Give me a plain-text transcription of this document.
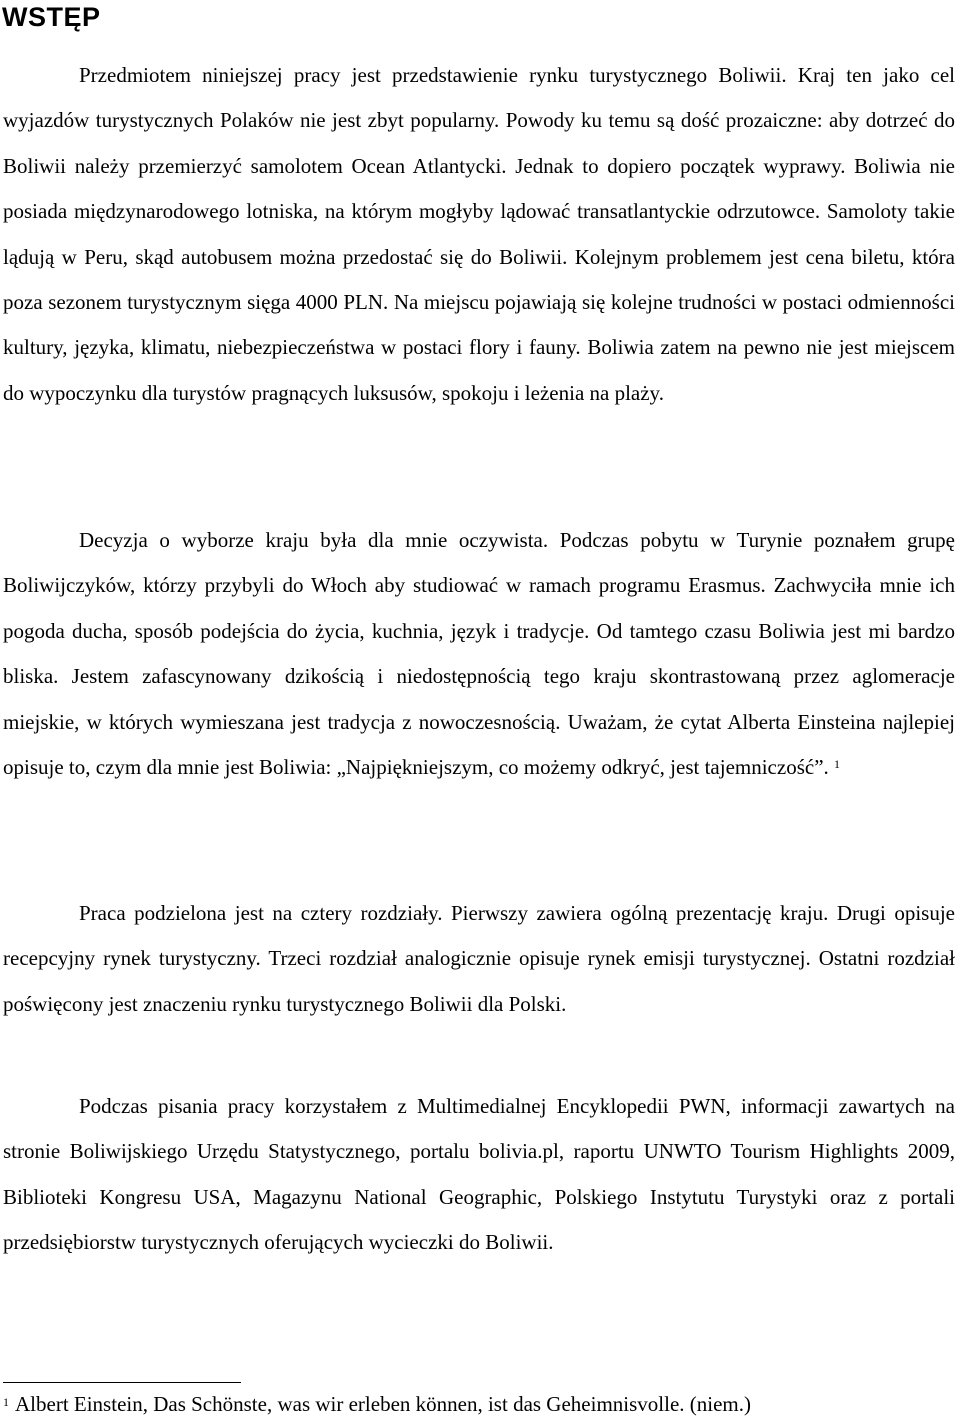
WSTĘP

Przedmiotem niniejszej pracy jest przedstawienie rynku turystycznego Boliwii. Kraj ten jako cel wyjazdów turystycznych Polaków nie jest zbyt popularny. Powody ku temu są dość prozaiczne: aby dotrzeć do Boliwii należy przemierzyć samolotem Ocean Atlantycki. Jednak to dopiero początek wyprawy. Boliwia nie posiada międzynarodowego lotniska, na którym mogłyby lądować transatlantyckie odrzutowce. Samoloty takie lądują w Peru, skąd autobusem można przedostać się do Boliwii. Kolejnym problemem jest cena biletu, która poza sezonem turystycznym sięga 4000 PLN. Na miejscu pojawiają się kolejne trudności w postaci odmienności kultury, języka, klimatu, niebezpieczeństwa w postaci flory i fauny. Boliwia zatem na pewno nie jest miejscem do wypoczynku dla turystów pragnących luksusów, spokoju i leżenia na plaży.

Decyzja o wyborze kraju była dla mnie oczywista. Podczas pobytu w Turynie poznałem grupę Boliwijczyków, którzy przybyli do Włoch aby studiować w ramach programu Erasmus. Zachwyciła mnie ich pogoda ducha, sposób podejścia do życia, kuchnia, język i tradycje. Od tamtego czasu Boliwia jest mi bardzo bliska. Jestem zafascynowany dzikością i niedostępnością tego kraju skontrastowaną przez aglomeracje miejskie, w których wymieszana jest tradycja z nowoczesnością. Uważam, że cytat Alberta Einsteina najlepiej opisuje to, czym dla mnie jest Boliwia: „Najpiękniejszym, co możemy odkryć, jest tajemniczość”. $^1$

Praca podzielona jest na cztery rozdziały. Pierwszy zawiera ogólną prezentację kraju. Drugi opisuje recepcyjny rynek turystyczny. Trzeci rozdział analogicznie opisuje rynek emisji turystycznej. Ostatni rozdział poświęcony jest znaczeniu rynku turystycznego Boliwii dla Polski.

Podczas pisania pracy korzystałem z Multimedialnej Encyklopedii PWN, informacji zawartych na stronie Boliwijskiego Urzędu Statystycznego, portalu bolivia.pl, raportu UNWTO Tourism Highlights 2009, Biblioteki Kongresu USA, Magazynu National Geographic, Polskiego Instytutu Turystyki oraz z portali przedsiębiorstw turystycznych oferujących wycieczki do Boliwii.

$^1$ Albert Einstein, Das Schönste, was wir erleben können, ist das Geheimnisvolle. (niem.)
